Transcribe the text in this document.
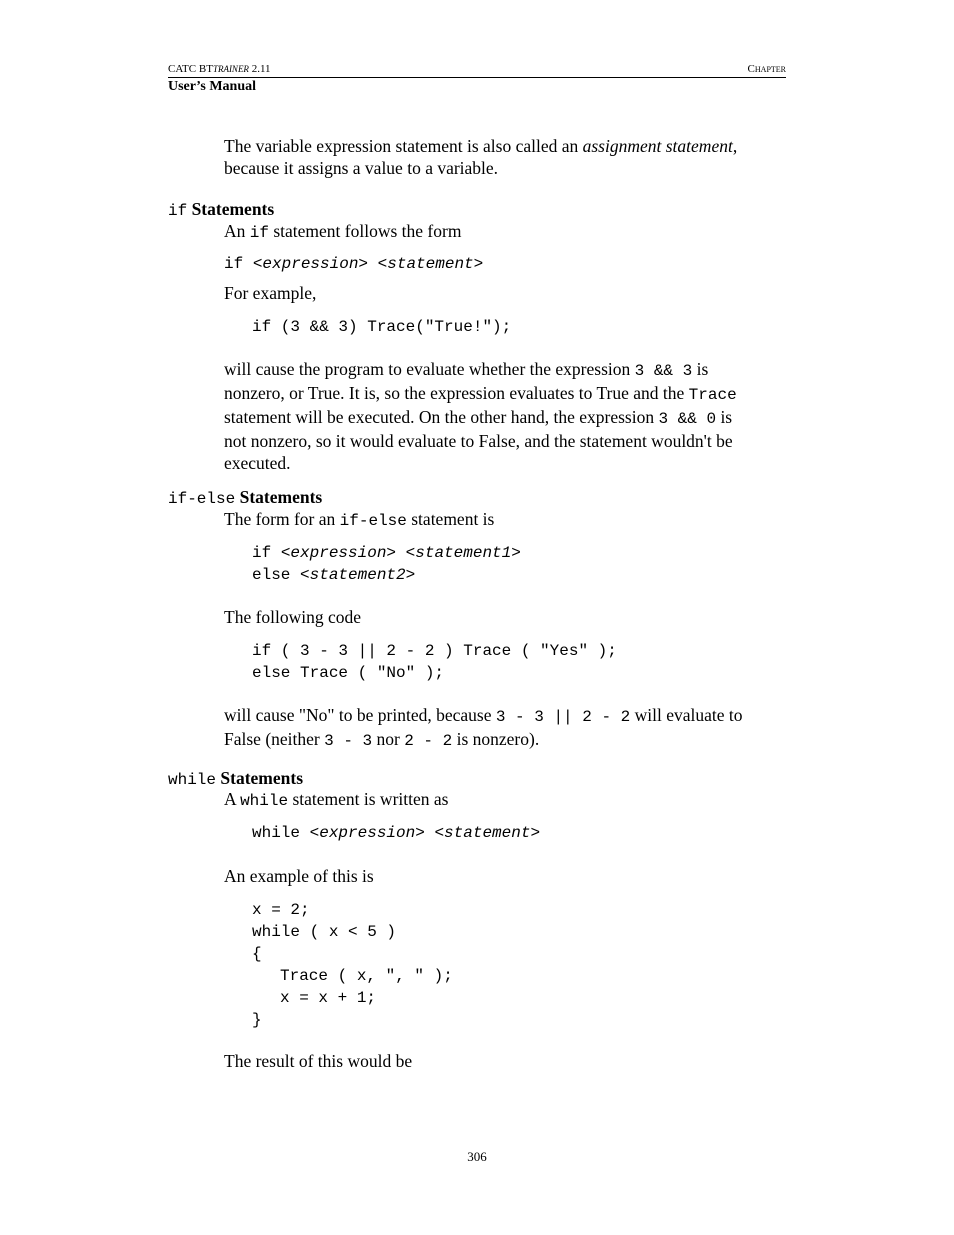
CATC BTTRAINER 2.11	Chapter
User’s Manual
The variable expression statement is also called an assignment statement,
because it assigns a value to a variable.
if Statements
An if statement follows the form
if <expression> <statement>
For example,
if (3 && 3) Trace("True!");
will cause the program to evaluate whether the expression 3 && 3 is
nonzero, or True. It is, so the expression evaluates to True and the Trace
statement will be executed. On the other hand, the expression 3 && 0 is
not nonzero, so it would evaluate to False, and the statement wouldn't be
executed.
if-else Statements
The form for an if-else statement is
if <expression> <statement1>
else <statement2>
The following code
if ( 3 - 3 || 2 - 2 ) Trace ( "Yes" );
else Trace ( "No" );
will cause "No" to be printed, because 3 - 3 || 2 - 2 will evaluate to
False (neither 3 - 3 nor 2 - 2 is nonzero).
while Statements
A while statement is written as
while <expression> <statement>
An example of this is
x = 2;
while ( x < 5 )
{
Trace ( x, ", " );
x = x + 1;
}
The result of this would be
306
